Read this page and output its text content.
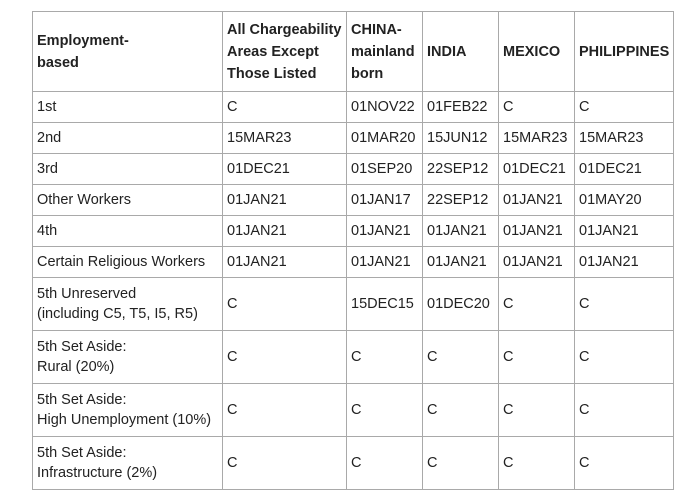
Employment-
based	All Chargeability
Areas Except
Those Listed	CHINA-
mainland
born	INDIA	MEXICO	PHILIPPINES
1st	C	01NOV22	01FEB22	C	C
2nd	15MAR23	01MAR20	15JUN12	15MAR23	15MAR23
3rd	01DEC21	01SEP20	22SEP12	01DEC21	01DEC21
Other Workers	01JAN21	01JAN17	22SEP12	01JAN21	01MAY20
4th	01JAN21	01JAN21	01JAN21	01JAN21	01JAN21
Certain Religious Workers	01JAN21	01JAN21	01JAN21	01JAN21	01JAN21
5th Unreserved
(including C5, T5, I5, R5)	C	15DEC15	01DEC20	C	C
5th Set Aside:
Rural (20%)	C	C	C	C	C
5th Set Aside:
High Unemployment (10%)	C	C	C	C	C
5th Set Aside:
Infrastructure (2%)	C	C	C	C	C
